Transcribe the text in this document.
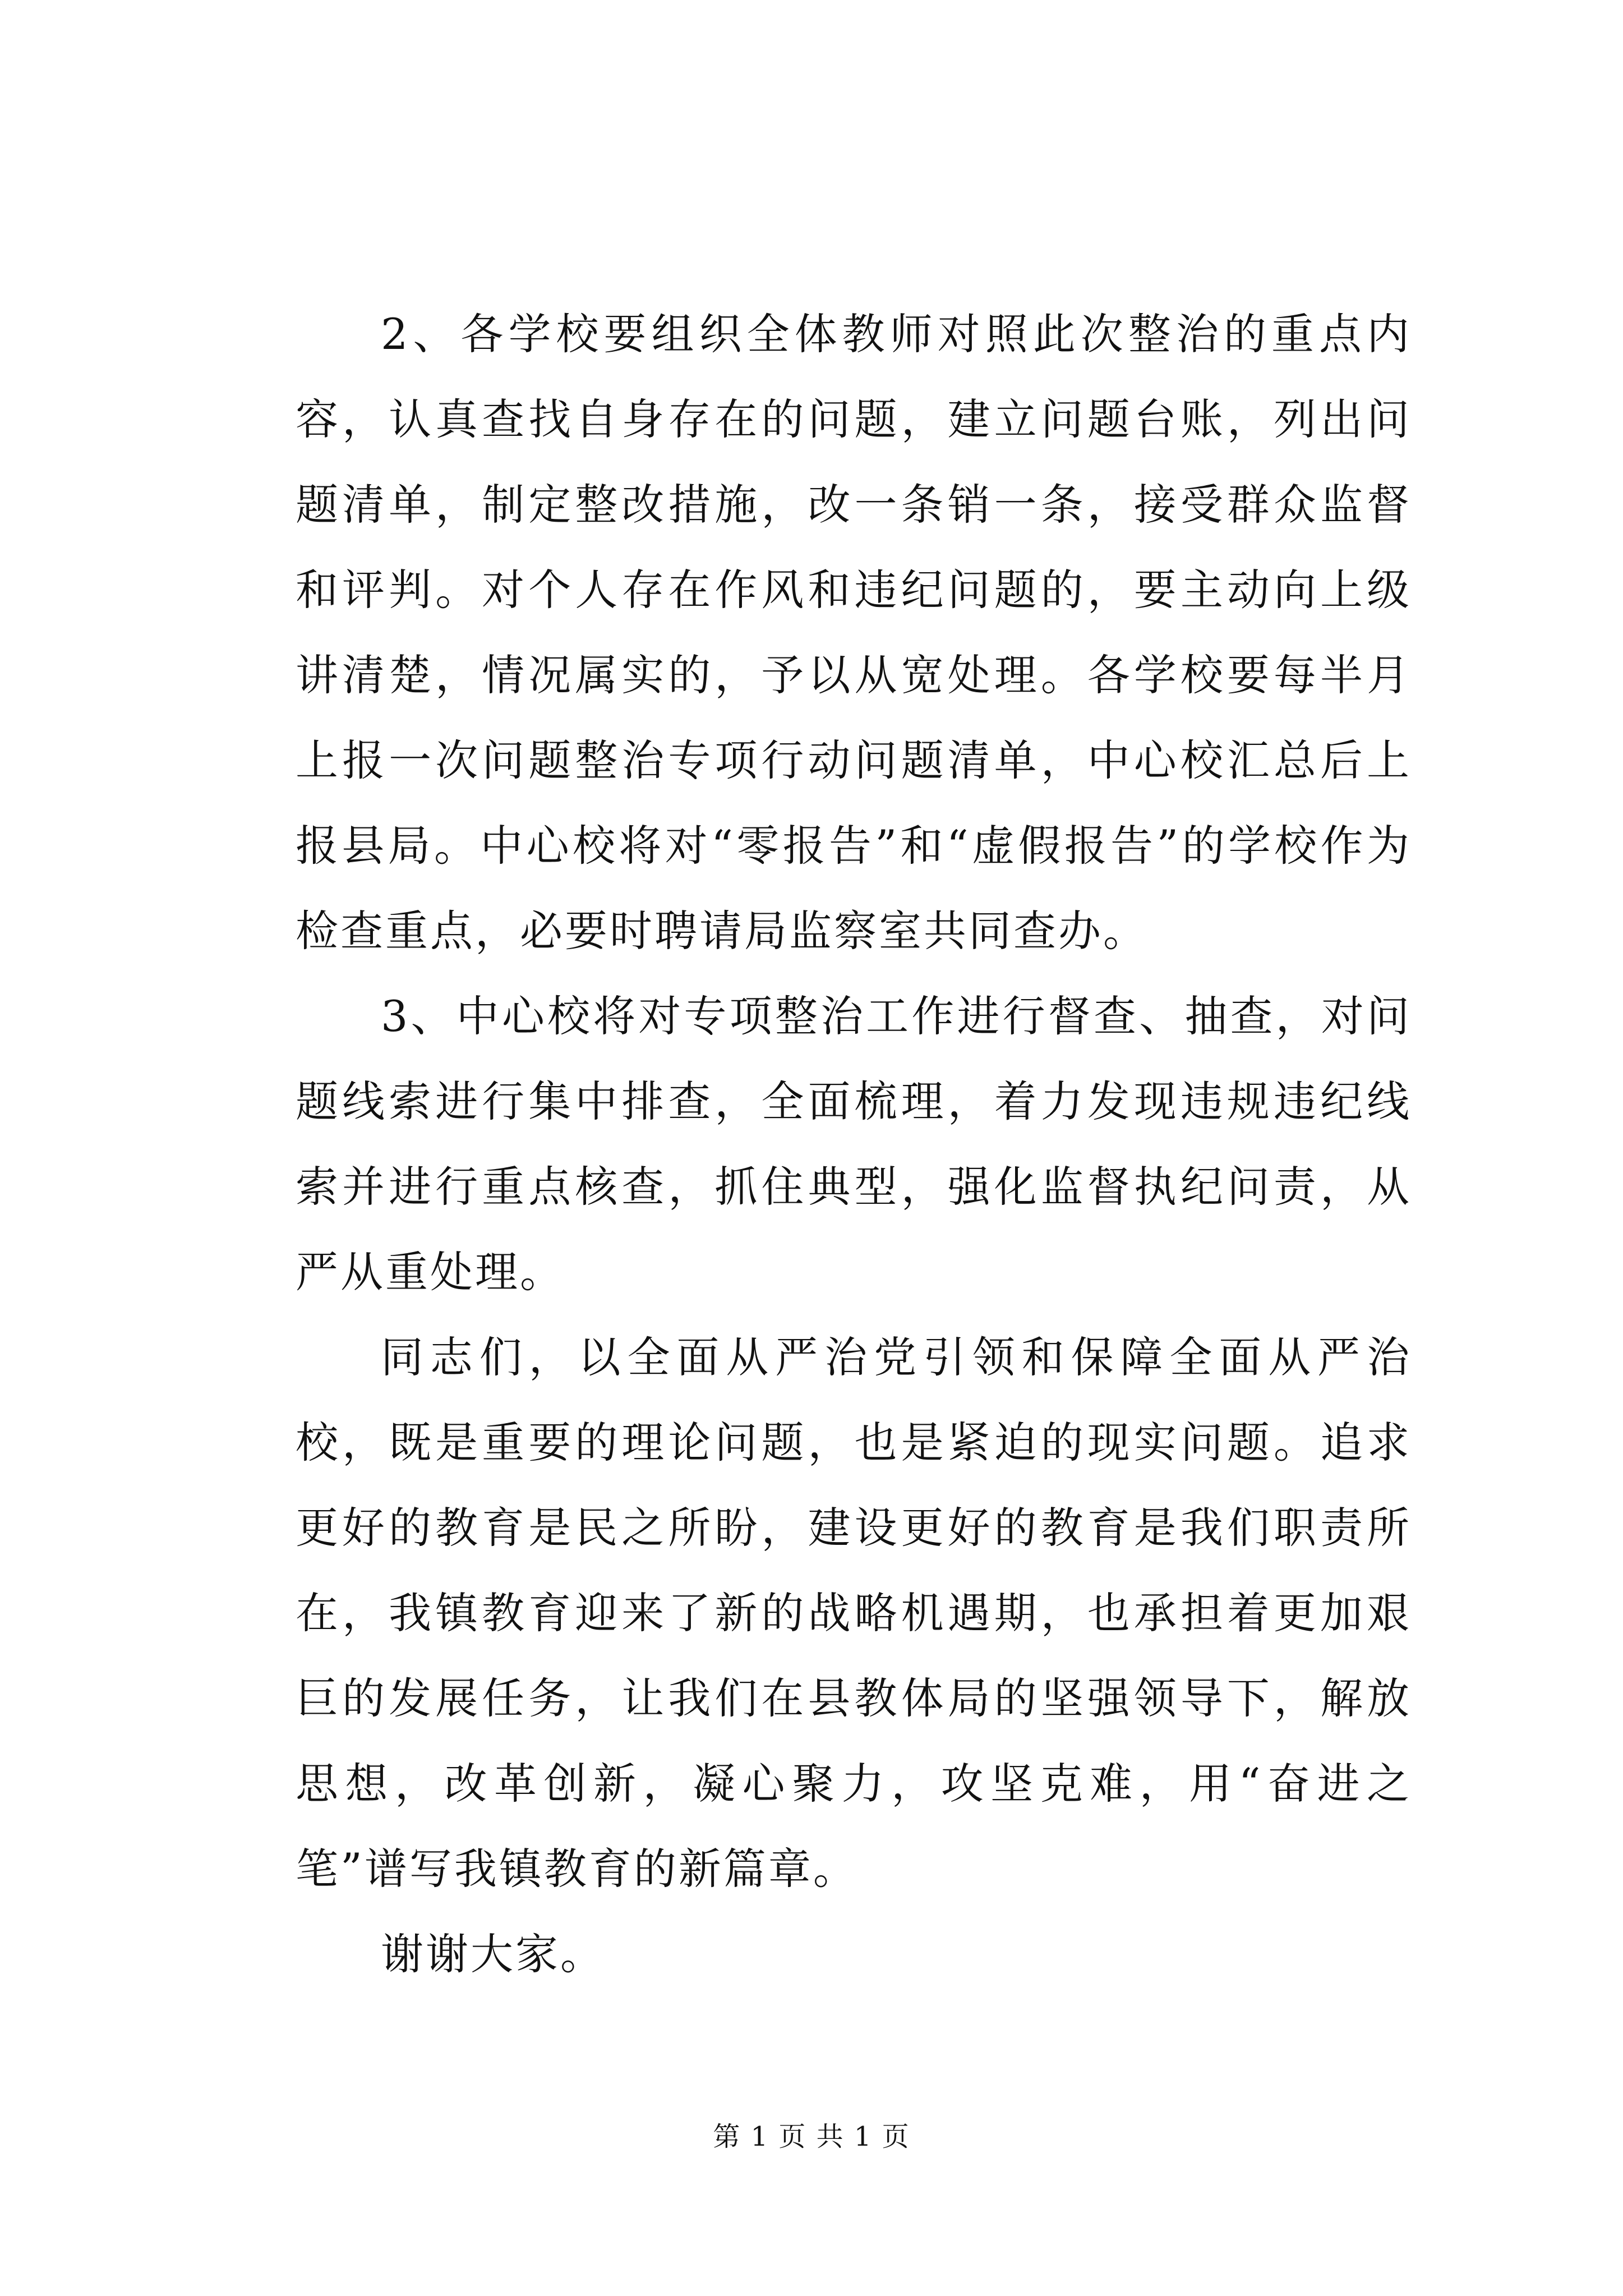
2、各学校要组织全体教师对照此次整治的重点内容，认真查找自身存在的问题，建立问题台账，列出问题清单，制定整改措施，改一条销一条，接受群众监督和评判。对个人存在作风和违纪问题的，要主动向上级讲清楚，情况属实的，予以从宽处理。各学校要每半月上报一次问题整治专项行动问题清单，中心校汇总后上报县局。中心校将对“零报告”和“虚假报告”的学校作为检查重点，必要时聘请局监察室共同查办。

3、中心校将对专项整治工作进行督查、抽查，对问题线索进行集中排查，全面梳理，着力发现违规违纪线索并进行重点核查，抓住典型，强化监督执纪问责，从严从重处理。

同志们，以全面从严治党引领和保障全面从严治校，既是重要的理论问题，也是紧迫的现实问题。追求更好的教育是民之所盼，建设更好的教育是我们职责所在，我镇教育迎来了新的战略机遇期，也承担着更加艰巨的发展任务，让我们在县教体局的坚强领导下，解放思想，改革创新，凝心聚力，攻坚克难，用“奋进之笔”谱写我镇教育的新篇章。

谢谢大家。

第 1 页 共 1 页
